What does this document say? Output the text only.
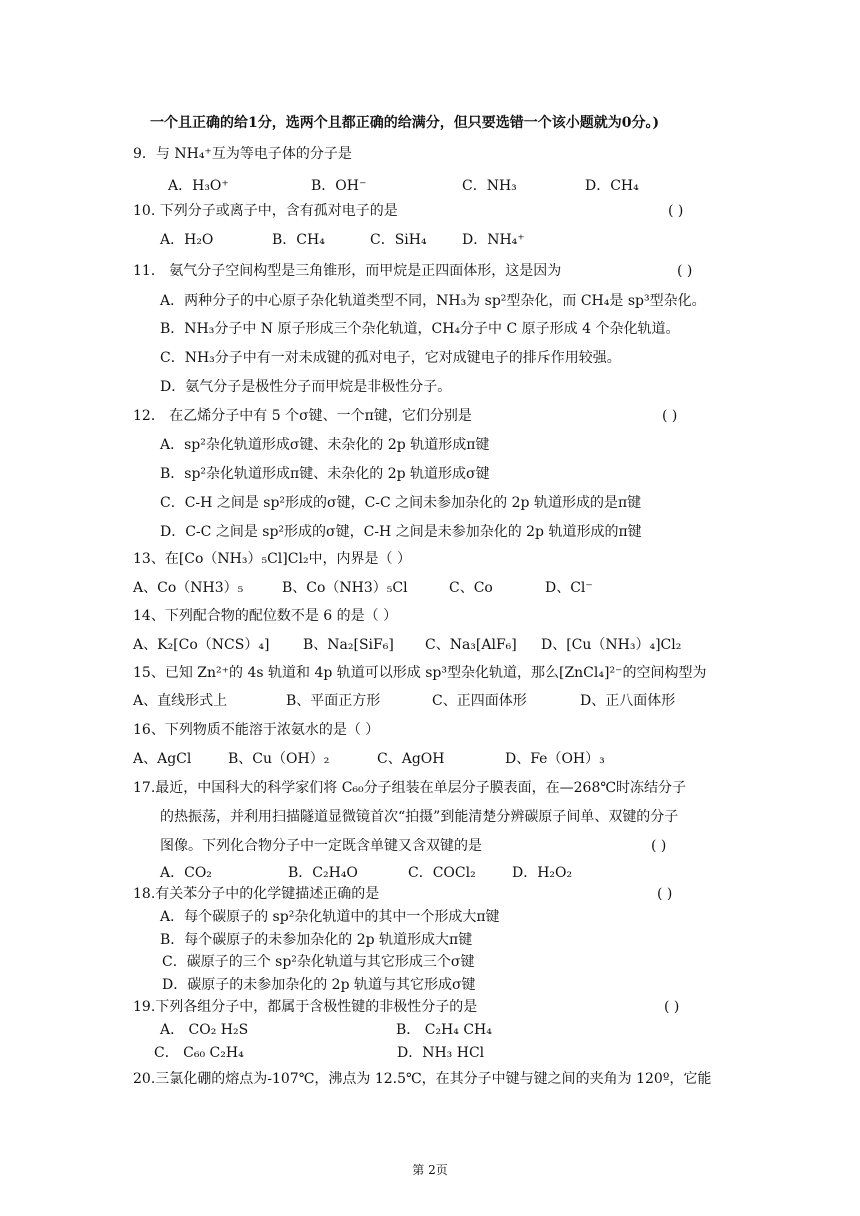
一个且正确的给1分，选两个且都正确的给满分，但只要选错一个该小题就为0分。)
9．与 NH₄⁺互为等电子体的分子是
A．H₃O⁺	B．OH⁻	C．NH₃	D．CH₄
10. 下列分子或离子中，含有孤对电子的是	( )
A．H₂O	B．CH₄	C．SiH₄	D．NH₄⁺
11． 氨气分子空间构型是三角锥形，而甲烷是正四面体形，这是因为	( )
A．两种分子的中心原子杂化轨道类型不同，NH₃为 sp²型杂化，而 CH₄是 sp³型杂化。
B．NH₃分子中 N 原子形成三个杂化轨道，CH₄分子中 C 原子形成 4 个杂化轨道。
C．NH₃分子中有一对未成键的孤对电子，它对成键电子的排斥作用较强。
D．氨气分子是极性分子而甲烷是非极性分子。
12． 在乙烯分子中有 5 个σ键、一个π键，它们分别是	( )
A．sp²杂化轨道形成σ键、未杂化的 2p 轨道形成π键
B．sp²杂化轨道形成π键、未杂化的 2p 轨道形成σ键
C．C-H 之间是 sp²形成的σ键，C-C 之间未参加杂化的 2p 轨道形成的是π键
D．C-C 之间是 sp²形成的σ键，C-H 之间是未参加杂化的 2p 轨道形成的π键
13、在[Co（NH₃）₅Cl]Cl₂中，内界是（ ）
A、Co（NH3）₅	B、Co（NH3）₅Cl	C、Co	D、Cl⁻
14、下列配合物的配位数不是 6 的是（ ）
A、K₂[Co（NCS）₄] B、Na₂[SiF₆] C、Na₃[AlF₆] D、[Cu（NH₃）₄]Cl₂
15、已知 Zn²⁺的 4s 轨道和 4p 轨道可以形成 sp³型杂化轨道，那么[ZnCl₄]²⁻的空间构型为
A、直线形式上	B、平面正方形	C、正四面体形	D、正八面体形
16、下列物质不能溶于浓氨水的是（ ）
A、AgCl	B、Cu（OH）₂	C、AgOH	D、Fe（OH）₃
17.最近，中国科大的科学家们将 C₆₀分子组装在单层分子膜表面，在—268℃时冻结分子
的热振荡，并利用扫描隧道显微镜首次“拍摄”到能清楚分辨碳原子间单、双键的分子
图像。下列化合物分子中一定既含单键又含双键的是	( )
A．CO₂	B．C₂H₄O	C．COCl₂	D．H₂O₂
18.有关苯分子中的化学键描述正确的是	( )
A．每个碳原子的 sp²杂化轨道中的其中一个形成大π键
B．每个碳原子的未参加杂化的 2p 轨道形成大π键
C．碳原子的三个 sp²杂化轨道与其它形成三个σ键
D．碳原子的未参加杂化的 2p 轨道与其它形成σ键
19.下列各组分子中，都属于含极性键的非极性分子的是	( )
A． CO₂ H₂S	B． C₂H₄ CH₄
C． C₆₀ C₂H₄	D．NH₃ HCl
20.三氯化硼的熔点为-107℃，沸点为 12.5℃，在其分子中键与键之间的夹角为 120º，它能
第 2页
